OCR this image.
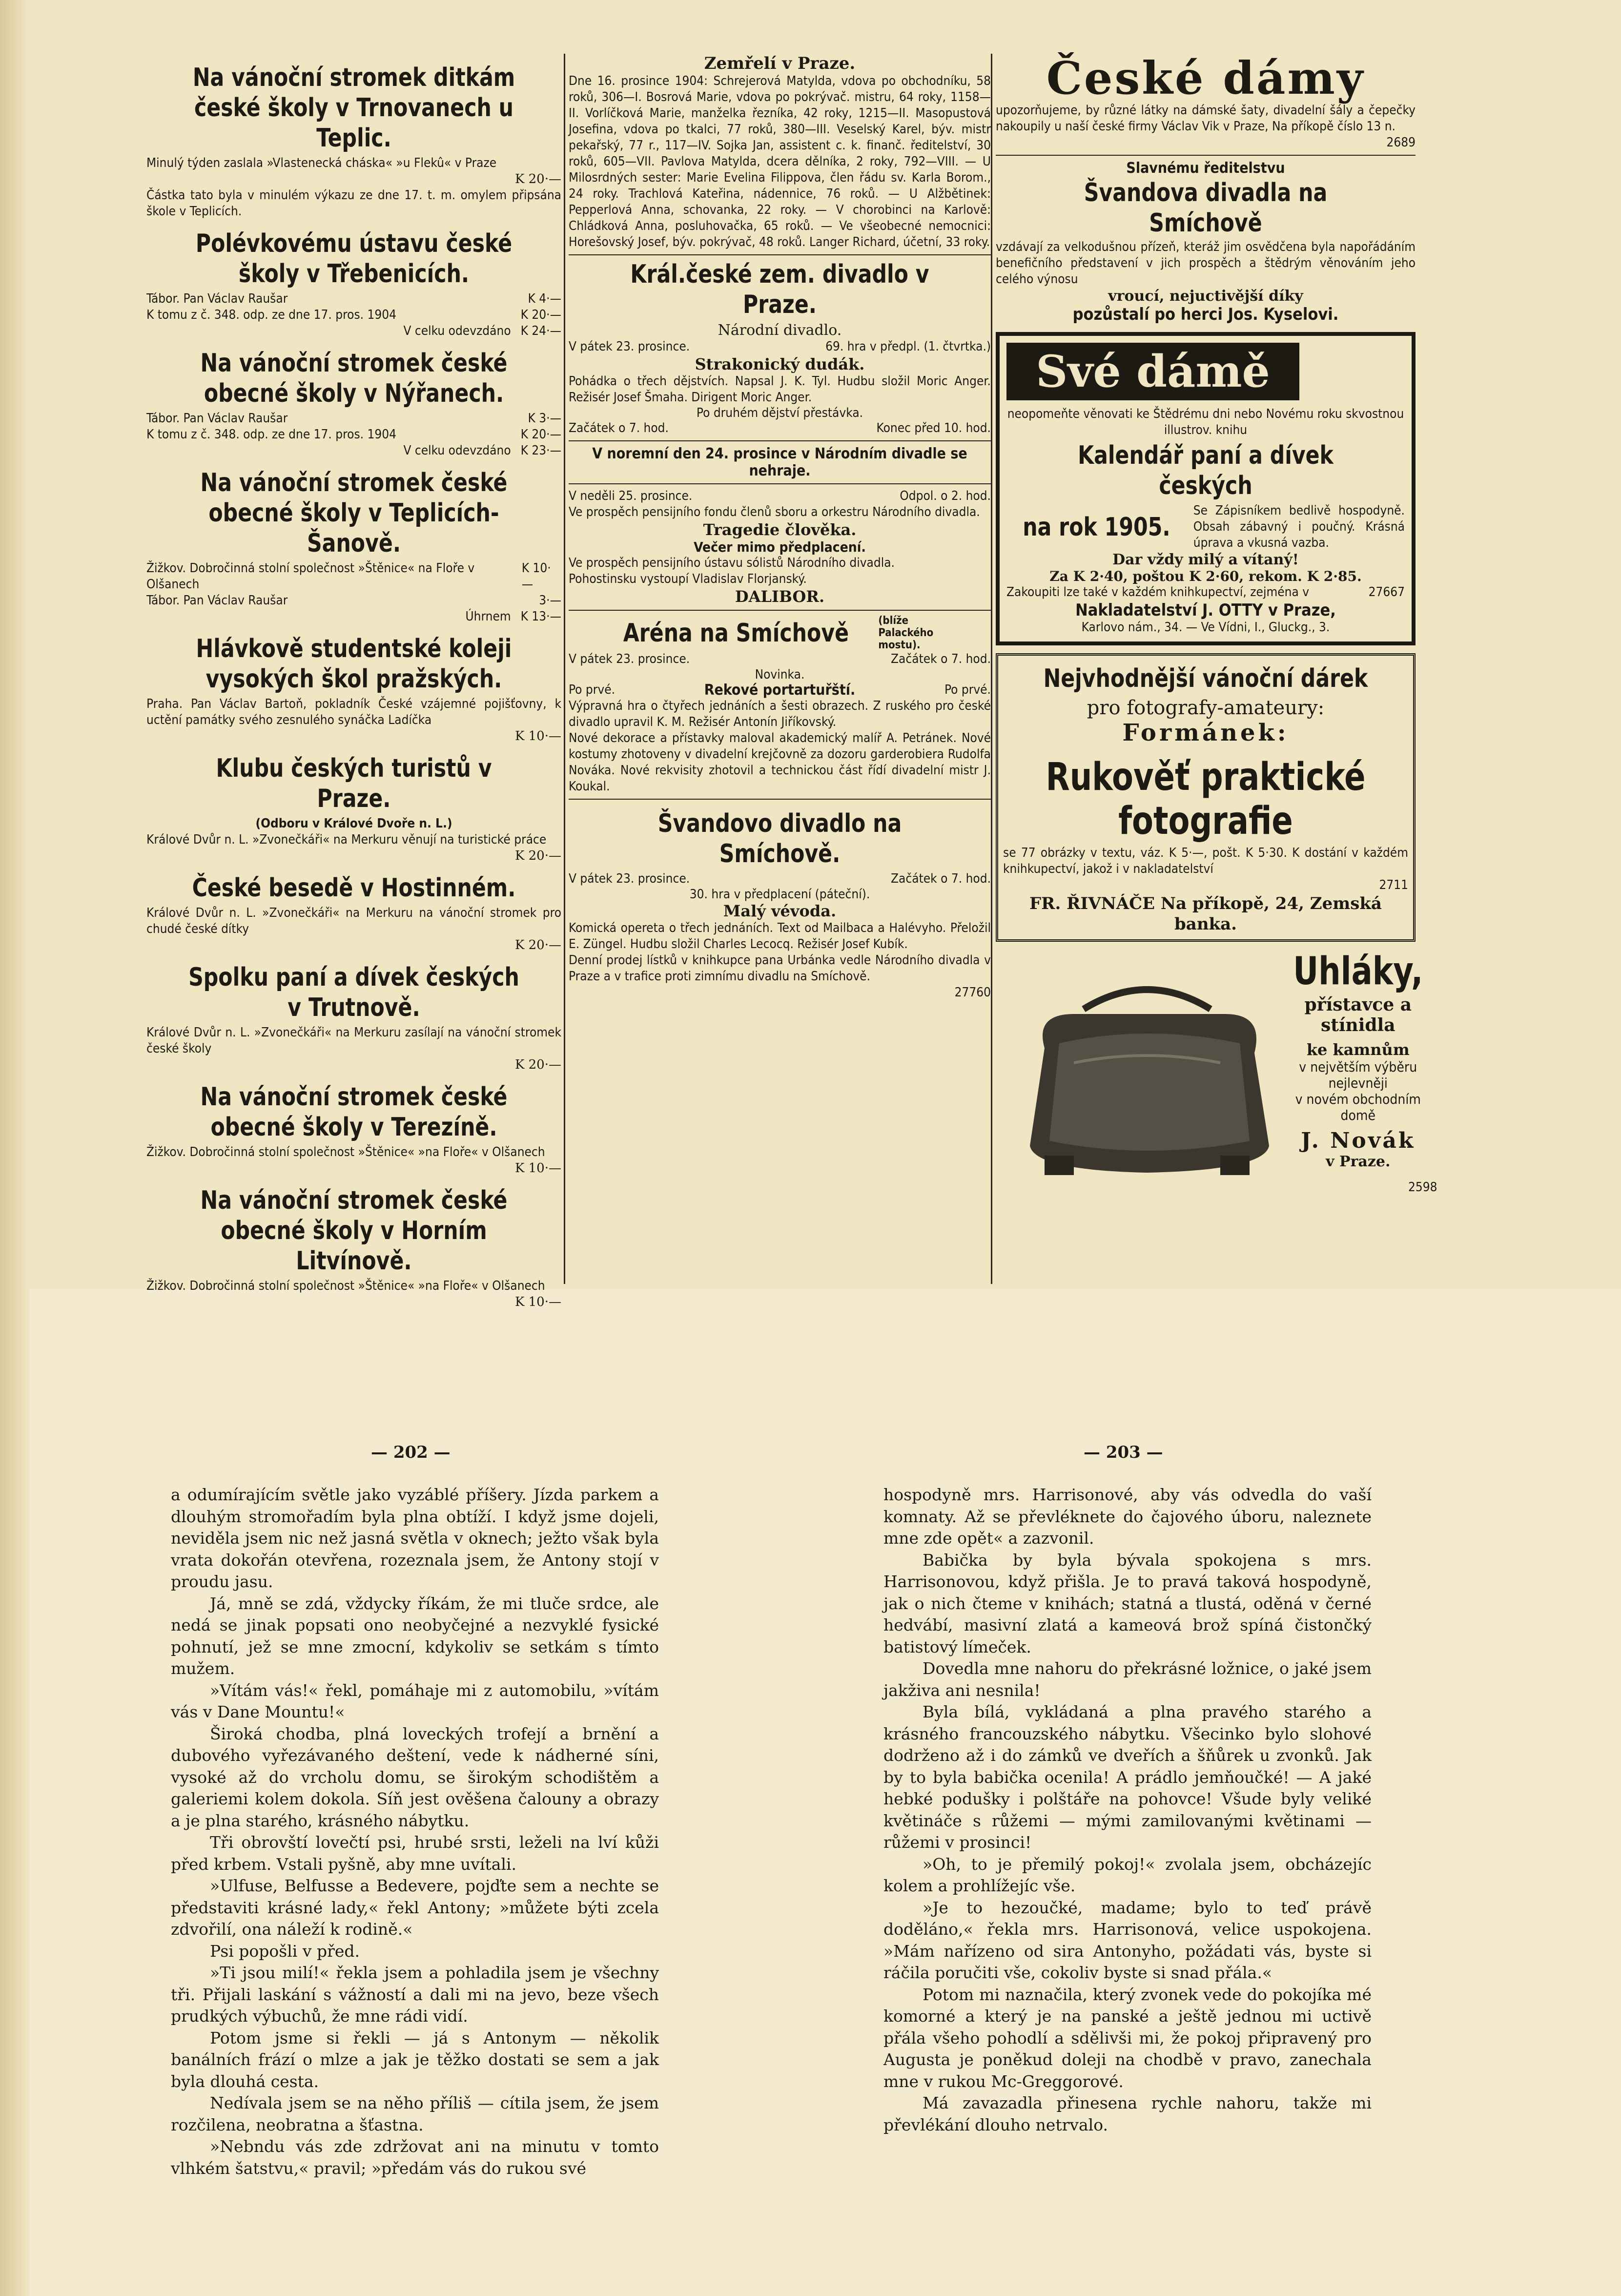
Na vánoční stromek ditkám české školy v Trnovanech u Teplic.

Minulý týden zaslala »Vlastenecká cháska« »u Flekû« v Praze

K 20·—

Částka tato byla v minulém výkazu ze dne 17. t. m. omylem připsána škole v Teplicích.

Polévkovému ústavu české školy v Třebenicích.
Tábor. Pan Václav Raušar	K 4·—
K tomu z č. 348. odp. ze dne 17. pros. 1904	K 20·—
V celku odevzdáno K 24·—
Na vánoční stromek české obecné školy v Nýřanech.
Tábor. Pan Václav Raušar	K 3·—
K tomu z č. 348. odp. ze dne 17. pros. 1904	K 20·—
V celku odevzdáno K 23·—
Na vánoční stromek české obecné školy v Teplicích-Šanově.
Žižkov. Dobročinná stolní společnost »Štěnice« na Floře v Olšanech
K 10·—
Tábor. Pan Václav Raušar	3·—
Úhrnem K 13·—
Hlávkově studentské koleji vysokých škol pražských.

Praha. Pan Václav Bartoň, pokladník České vzájemné pojišťovny, k uctění památky svého zesnulého synáčka Ladíčka

K 10·—
Klubu českých turistů v Praze.

(Odboru v Králové Dvoře n. L.)

Králové Dvůr n. L. »Zvonečkáři« na Merkuru věnují na turistické práce

K 20·—
České besedě v Hostinném.

Králové Dvůr n. L. »Zvonečkáři« na Merkuru na vánoční stromek pro chudé české dítky

K 20·—
Spolku paní a dívek českých v Trutnově.

Králové Dvůr n. L. »Zvonečkáři« na Merkuru zasílají na vánoční stromek české školy

K 20·—
Na vánoční stromek české obecné školy v Terezíně.

Žižkov. Dobročinná stolní společnost »Štěnice« »na Floře« v Olšanech

K 10·—
Na vánoční stromek české obecné školy v Horním Litvínově.

Žižkov. Dobročinná stolní společnost »Štěnice« »na Floře« v Olšanech

K 10·—
Zemřelí v Praze.

Dne 16. prosince 1904: Schrejerová Matylda, vdova po obchodníku, 58 roků, 306—I. Bosrová Marie, vdova po pokrývač. mistru, 64 roky, 1158—II. Vorlíčková Marie, manželka řezníka, 42 roky, 1215—II. Masopustová Josefina, vdova po tkalci, 77 roků, 380—III. Veselský Karel, býv. mistr pekařský, 77 r., 117—IV. Sojka Jan, assistent c. k. finanč. ředitelství, 30 roků, 605—VII. Pavlova Matylda, dcera dělníka, 2 roky, 792—VIII. — U Milosrdných sester: Marie Evelina Filippova, člen řádu sv. Karla Borom., 24 roky. Trachlová Kateřina, nádennice, 76 roků. — U Alžbětinek: Pepperlová Anna, schovanka, 22 roky. — V chorobinci na Karlově: Chládková Anna, posluhovačka, 65 roků. — Ve všeobecné nemocnici: Horešovský Josef, býv. pokrývač, 48 roků. Langer Richard, účetní, 33 roky.

Král.české zem. divadlo v Praze.
Národní divadlo.
V pátek 23. prosince.	69. hra v předpl. (1. čtvrtka.)
Strakonický dudák.

Pohádka o třech dějstvích. Napsal J. K. Tyl. Hudbu složil Moric Anger. Režisér Josef Šmaha. Dirigent Moric Anger.

Po druhém dějství přestávka.
Začátek o 7. hod.	Konec před 10. hod.
V noremní den 24. prosince v Národním divadle se nehraje.
V neděli 25. prosince.	Odpol. o 2. hod.

Ve prospěch pensijního fondu členů sboru a orkestru Národního divadla.

Tragedie člověka.
Večer mimo předplacení.

Ve prospěch pensijního ústavu sólistů Národního divadla.

Pohostinsku vystoupí Vladislav Florjanský.

DALIBOR.
Aréna na Smíchově	(blíže Palackého mostu).
V pátek 23. prosince.	Začátek o 7. hod.
Novinka.
Po prvé.	Rekové portartuřští.	Po prvé.

Výpravná hra o čtyřech jednáních a šesti obrazech. Z ruského pro české divadlo upravil K. M. Režisér Antonín Jiříkovský.

Nové dekorace a přístavky maloval akademický malíř A. Petránek. Nové kostumy zhotoveny v divadelní krejčovně za dozoru garderobiera Rudolfa Nováka. Nové rekvisity zhotovil a technickou část řídí divadelní mistr J. Koukal.

Švandovo divadlo na Smíchově.
V pátek 23. prosince.	Začátek o 7. hod.
30. hra v předplacení (páteční).
Malý vévoda.

Komická opereta o třech jednáních. Text od Mailbaca a Halévyho. Přeložil E. Züngel. Hudbu složil Charles Lecocq. Režisér Josef Kubík.

Denní prodej lístků v knihkupce pana Urbánka vedle Národního divadla v Praze a v trafice proti zimnímu divadlu na Smíchově.

27760
České dámy

upozorňujeme, by různé látky na dámské šaty, divadelní šály a čepečky nakoupily u naší české firmy Václav Vik v Praze, Na příkopě číslo 13 n.

2689
Slavnému ředitelstvu
Švandova divadla na Smíchově

vzdávají za velkodušnou přízeň, kteráž jim osvědčena byla napořádáním benefičního představení v jich prospěch a štědrým věnováním jeho celého výnosu

vroucí, nejuctivější díky
pozůstalí po herci Jos. Kyselovi.
Své dámě

neopomeňte věnovati ke Štědrému dni nebo Novému roku skvostnou illustrov. knihu

Kalendář paní a dívek českých
na rok 1905.

Se Zápisníkem bedlivě hospodyně. Obsah zábavný i poučný. Krásná úprava a vkusná vazba.

Dar vždy milý a vítaný!
Za K 2·40, poštou K 2·60, rekom. K 2·85.
Zakoupiti lze také v každém knihkupectví, zejména v	27667
Nakladatelství J. OTTY v Praze,
Karlovo nám., 34. — Ve Vídni, I., Gluckg., 3.
Nejvhodnější vánoční dárek
pro fotografy-amateury:
Formánek:
Rukověť praktické fotografie

se 77 obrázky v textu, váz. K 5·—, pošt. K 5·30. K dostání v každém knihkupectví, jakož i v nakladatelství

2711
FR. ŘIVNÁČE Na příkopě, 24, Zemská banka.
Uhláky,
přístavce a
stínidla
ke kamnům
v největším výběru nejlevněji
v novém obchodním domě
J. Novák
v Praze.
2598
— 202 —	— 203 —

a odumírajícím světle jako vyzáblé příšery. Jízda parkem a dlouhým stromořadím byla plna obtíží. I když jsme dojeli, neviděla jsem nic než jasná světla v oknech; ježto však byla vrata dokořán otevřena, rozeznala jsem, že Antony stojí v proudu jasu.

Já, mně se zdá, vždycky říkám, že mi tluče srdce, ale nedá se jinak popsati ono neobyčejné a nezvyklé fysické pohnutí, jež se mne zmocní, kdykoliv se setkám s tímto mužem.

»Vítám vás!« řekl, pomáhaje mi z automobilu, »vítám vás v Dane Mountu!«

Široká chodba, plná loveckých trofejí a brnění a dubového vyřezávaného deštení, vede k nádherné síni, vysoké až do vrcholu domu, se širokým schodištěm a galeriemi kolem dokola. Síň jest ověšena čalouny a obrazy a je plna starého, krásného nábytku.

Tři obrovští lovečtí psi, hrubé srsti, leželi na lví kůži před krbem. Vstali pyšně, aby mne uvítali.

»Ulfuse, Belfusse a Bedevere, pojďte sem a nechte se představiti krásné lady,« řekl Antony; »můžete býti zcela zdvořilí, ona náleží k rodině.«

Psi popošli v před.

»Ti jsou milí!« řekla jsem a pohladila jsem je všechny tři. Přijali laskání s vážností a dali mi na jevo, beze všech prudkých výbuchů, že mne rádi vidí.

Potom jsme si řekli — já s Antonym — několik banálních frází o mlze a jak je těžko dostati se sem a jak byla dlouhá cesta.

Nedívala jsem se na něho příliš — cítila jsem, že jsem rozčilena, neobratna a šťastna.

»Nebndu vás zde zdržovat ani na minutu v tomto vlhkém šatstvu,« pravil; »předám vás do rukou své

hospodyně mrs. Harrisonové, aby vás odvedla do vaší komnaty. Až se převléknete do čajového úboru, naleznete mne zde opět« a zazvonil.

Babička by byla bývala spokojena s mrs. Harrisonovou, když přišla. Je to pravá taková hospodyně, jak o nich čteme v knihách; statná a tlustá, oděná v černé hedvábí, masivní zlatá a kameová brož spíná čistončký batistový límeček.

Dovedla mne nahoru do překrásné ložnice, o jaké jsem jakživa ani nesnila!

Byla bílá, vykládaná a plna pravého starého a krásného francouzského nábytku. Všecinko bylo slohové dodrženo až i do zámků ve dveřích a šňůrek u zvonků. Jak by to byla babička ocenila! A prádlo jemňoučké! — A jaké hebké podušky i polštáře na pohovce! Všude byly veliké květináče s růžemi — mými zamilovanými květinami — růžemi v prosinci!

»Oh, to je přemilý pokoj!« zvolala jsem, obcházejíc kolem a prohlížejíc vše.

»Je to hezoučké, madame; bylo to teď právě doděláno,« řekla mrs. Harrisonová, velice uspokojena. »Mám nařízeno od sira Antonyho, požádati vás, byste si ráčila poručiti vše, cokoliv byste si snad přála.«

Potom mi naznačila, který zvonek vede do pokojíka mé komorné a který je na panské a ještě jednou mi uctivě přála všeho pohodlí a sdělivši mi, že pokoj připravený pro Augusta je poněkud doleji na chodbě v pravo, zanechala mne v rukou Mc-Greggorové.

Má zavazadla přinesena rychle nahoru, takže mi převlékání dlouho netrvalo.
